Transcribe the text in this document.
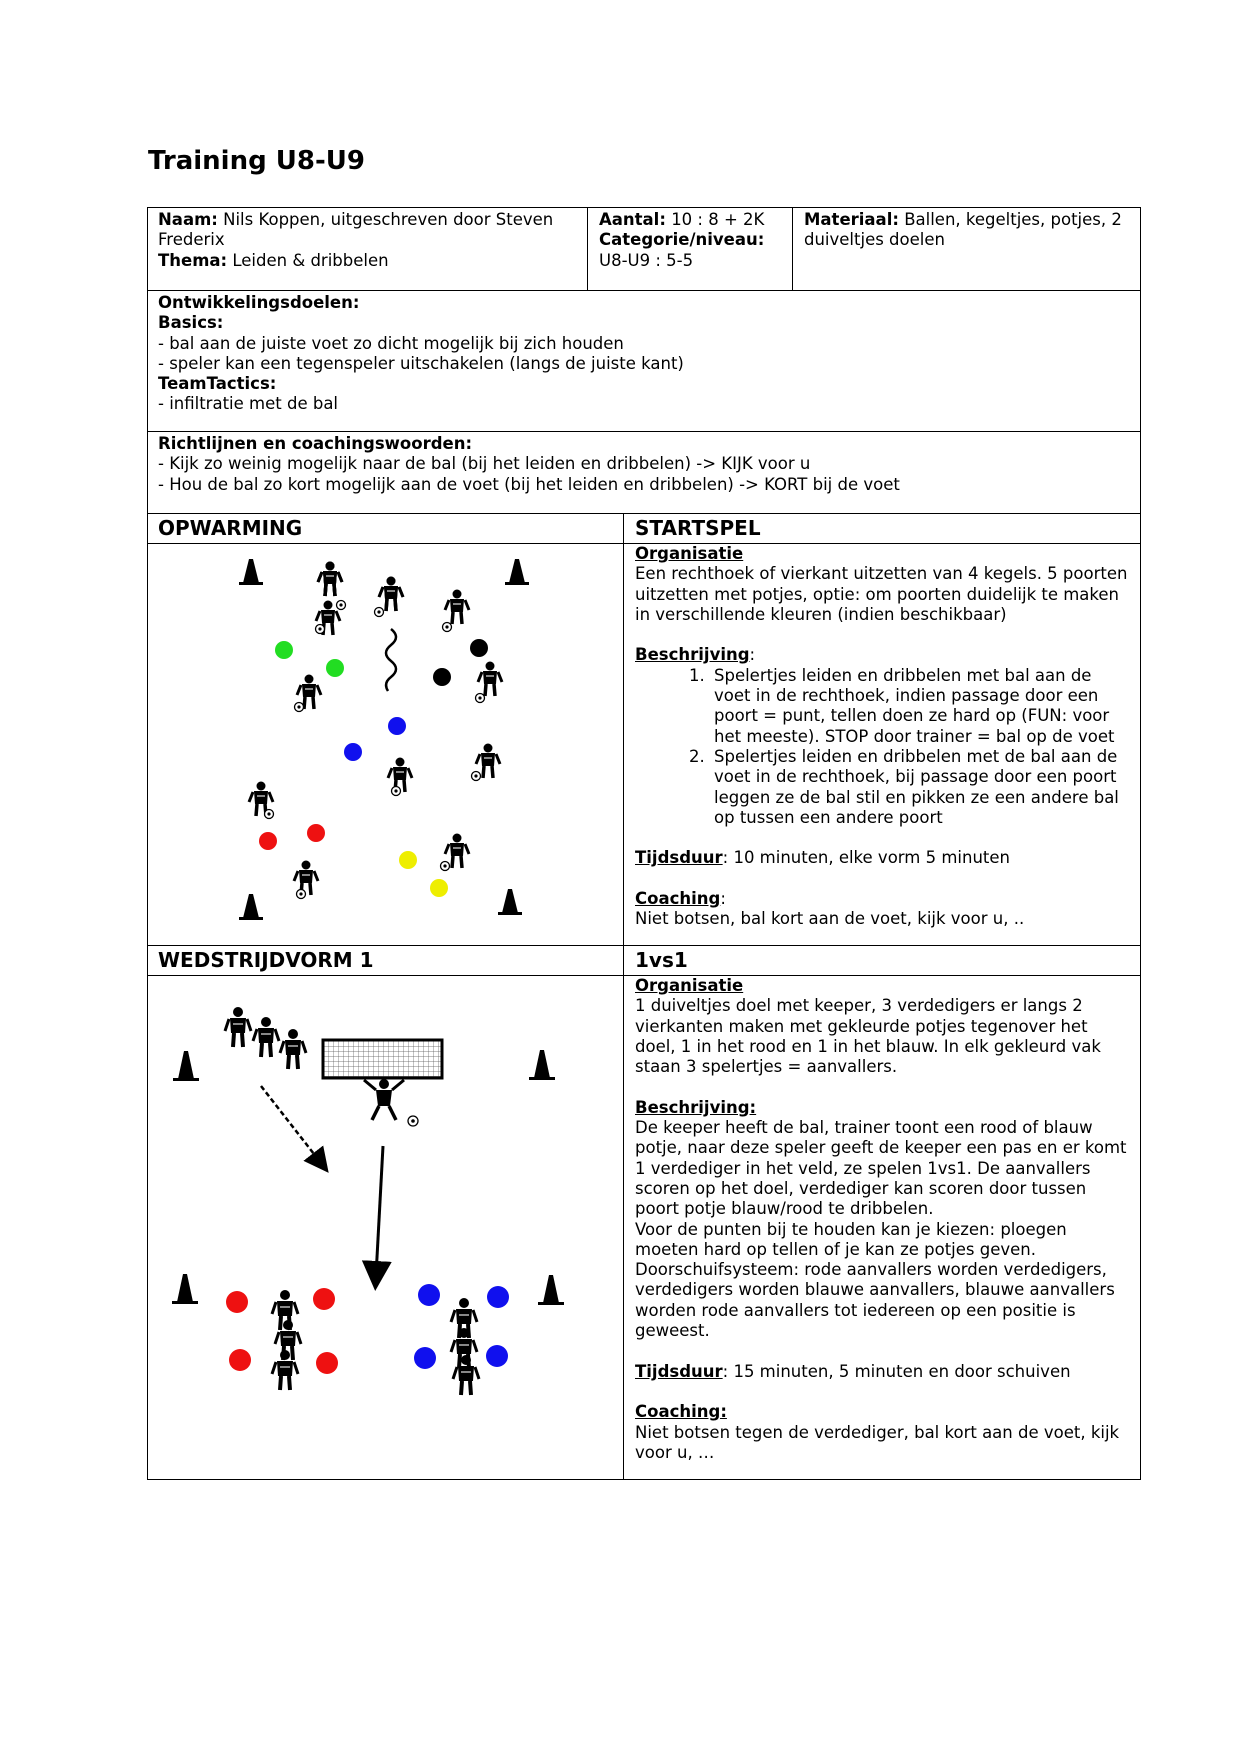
Training U8-U9
Naam: Nils Koppen, uitgeschreven door Steven Frederix
Thema: Leiden & dribbelen
Aantal: 10 : 8 + 2K
Categorie/niveau:
U8-U9 : 5-5
Materiaal: Ballen, kegeltjes, potjes, 2 duiveltjes doelen
Ontwikkelingsdoelen:
Basics:
- bal aan de juiste voet zo dicht mogelijk bij zich houden
- speler kan een tegenspeler uitschakelen (langs de juiste kant)
TeamTactics:
- infiltratie met de bal
Richtlijnen en coachingswoorden:
- Kijk zo weinig mogelijk naar de bal (bij het leiden en dribbelen) -> KIJK voor u
- Hou de bal zo kort mogelijk aan de voet (bij het leiden en dribbelen) -> KORT bij de voet
OPWARMING	STARTSPEL
Organisatie
Een rechthoek of vierkant uitzetten van 4 kegels. 5 poorten uitzetten met potjes, optie: om poorten duidelijk te maken in verschillende kleuren (indien beschikbaar)

Beschrijving:
1. Spelertjes leiden en dribbelen met bal aan de voet in de rechthoek, indien passage door een poort = punt, tellen doen ze hard op (FUN: voor het meeste). STOP door trainer = bal op de voet
2. Spelertjes leiden en dribbelen met de bal aan de voet in de rechthoek, bij passage door een poort leggen ze de bal stil en pikken ze een andere bal op tussen een andere poort

Tijdsduur: 10 minuten, elke vorm 5 minuten

Coaching:
Niet botsen, bal kort aan de voet, kijk voor u, ..
WEDSTRIJDVORM 1	1vs1
Organisatie
1 duiveltjes doel met keeper, 3 verdedigers er langs 2 vierkanten maken met gekleurde potjes tegenover het doel, 1 in het rood en 1 in het blauw. In elk gekleurd vak staan 3 spelertjes = aanvallers.

Beschrijving:
De keeper heeft de bal, trainer toont een rood of blauw potje, naar deze speler geeft de keeper een pas en er komt 1 verdediger in het veld, ze spelen 1vs1. De aanvallers scoren op het doel, verdediger kan scoren door tussen poort potje blauw/rood te dribbelen.
Voor de punten bij te houden kan je kiezen: ploegen moeten hard op tellen of je kan ze potjes geven.
Doorschuifsysteem: rode aanvallers worden verdedigers, verdedigers worden blauwe aanvallers, blauwe aanvallers worden rode aanvallers tot iedereen op een positie is geweest.

Tijdsduur: 15 minuten, 5 minuten en door schuiven

Coaching:
Niet botsen tegen de verdediger, bal kort aan de voet, kijk voor u, …
